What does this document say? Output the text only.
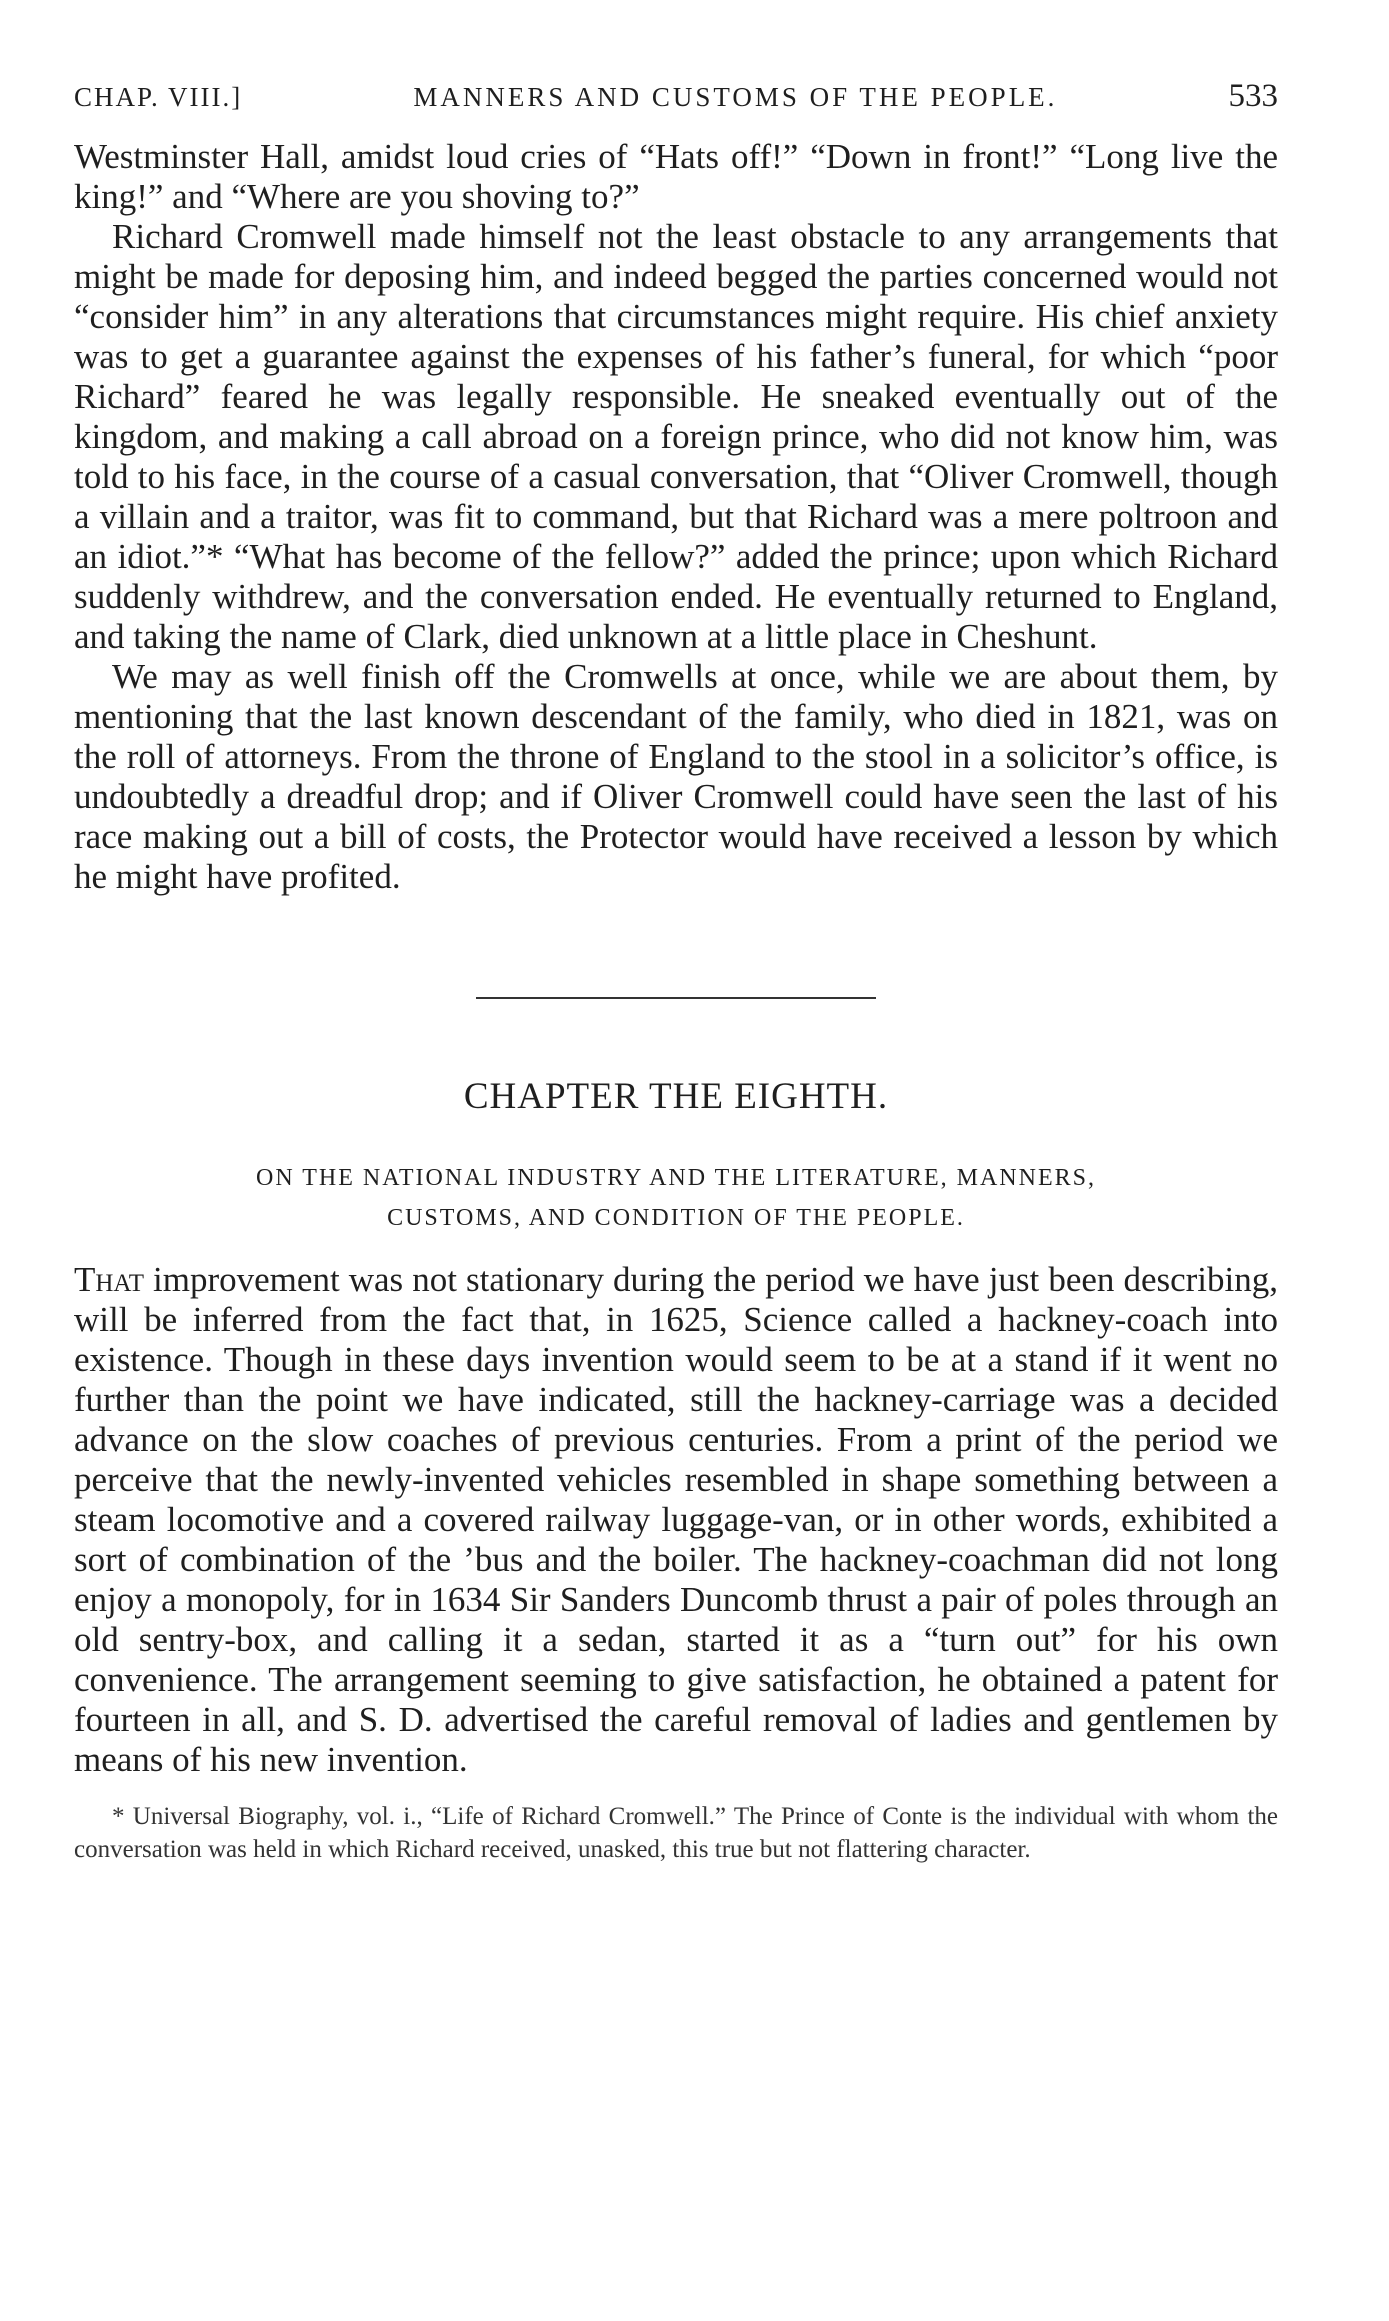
CHAP. VIII.]	MANNERS AND CUSTOMS OF THE PEOPLE.	533

Westminster Hall, amidst loud cries of “Hats off!” “Down in front!” “Long live the king!” and “Where are you shoving to?”

Richard Cromwell made himself not the least obstacle to any arrangements that might be made for deposing him, and indeed begged the parties concerned would not “consider him” in any alterations that circumstances might require. His chief anxiety was to get a guarantee against the expenses of his father’s funeral, for which “poor Richard” feared he was legally responsible. He sneaked eventually out of the kingdom, and making a call abroad on a foreign prince, who did not know him, was told to his face, in the course of a casual conversation, that “Oliver Cromwell, though a villain and a traitor, was fit to command, but that Richard was a mere poltroon and an idiot.”* “What has become of the fellow?” added the prince; upon which Richard suddenly withdrew, and the conversation ended. He eventually returned to England, and taking the name of Clark, died unknown at a little place in Cheshunt.

We may as well finish off the Cromwells at once, while we are about them, by mentioning that the last known descendant of the family, who died in 1821, was on the roll of attorneys. From the throne of England to the stool in a solicitor’s office, is undoubtedly a dreadful drop; and if Oliver Cromwell could have seen the last of his race making out a bill of costs, the Protector would have received a lesson by which he might have profited.

CHAPTER THE EIGHTH.

ON THE NATIONAL INDUSTRY AND THE LITERATURE, MANNERS,
CUSTOMS, AND CONDITION OF THE PEOPLE.

That improvement was not stationary during the period we have just been describing, will be inferred from the fact that, in 1625, Science called a hackney-coach into existence. Though in these days invention would seem to be at a stand if it went no further than the point we have indicated, still the hackney-carriage was a decided advance on the slow coaches of previous centuries. From a print of the period we perceive that the newly-invented vehicles resembled in shape something between a steam locomotive and a covered railway luggage-van, or in other words, exhibited a sort of combination of the ’bus and the boiler. The hackney-coachman did not long enjoy a monopoly, for in 1634 Sir Sanders Duncomb thrust a pair of poles through an old sentry-box, and calling it a sedan, started it as a “turn out” for his own convenience. The arrangement seeming to give satisfaction, he obtained a patent for fourteen in all, and S. D. advertised the careful removal of ladies and gentlemen by means of his new invention.

* Universal Biography, vol. i., “Life of Richard Cromwell.” The Prince of Conte is the individual with whom the conversation was held in which Richard received, unasked, this true but not flattering character.
